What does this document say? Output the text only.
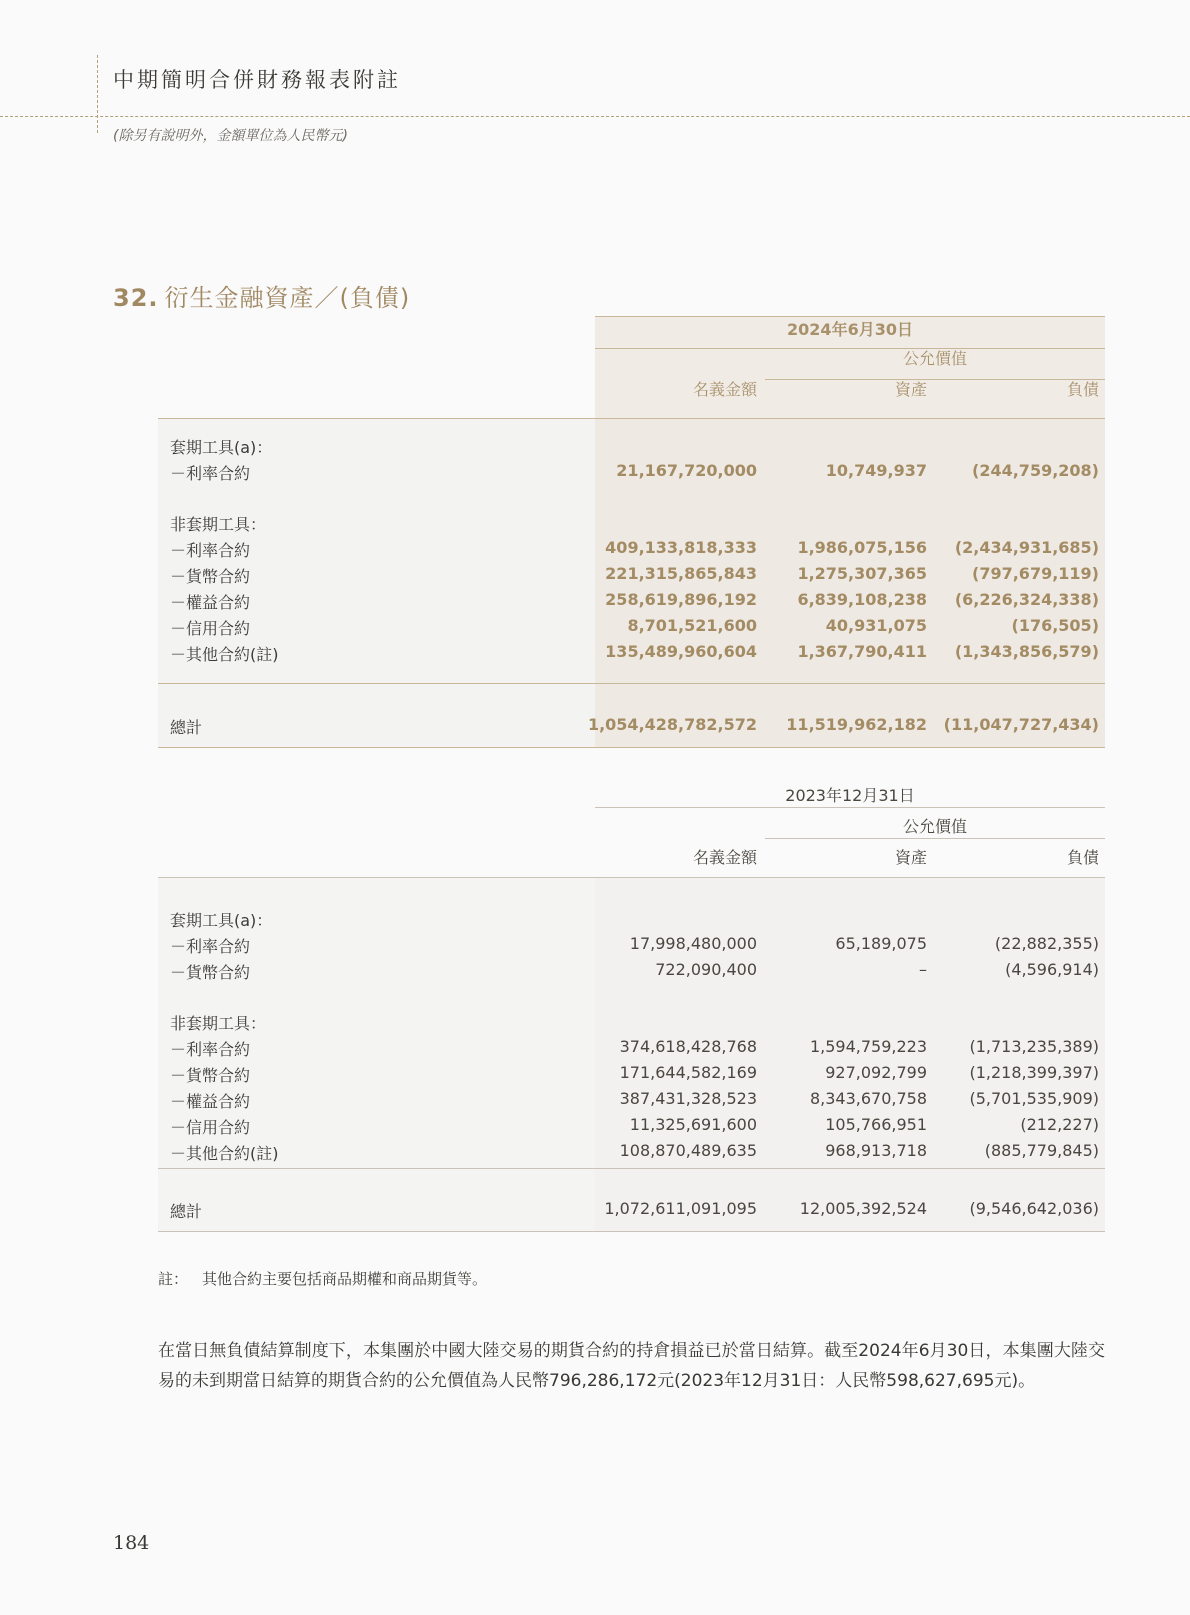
中期簡明合併財務報表附註
(除另有說明外，金額單位為人民幣元)
32. 衍生金融資產／(負債)
2024年6月30日
公允價值
名義金額	資產	負債
套期工具(a)：
－利率合約	21,167,720,000	10,749,937	(244,759,208)
非套期工具：
－利率合約	409,133,818,333	1,986,075,156 (2,434,931,685)
－貨幣合約	221,315,865,843	1,275,307,365	(797,679,119)
－權益合約	258,619,896,192	6,839,108,238 (6,226,324,338)
－信用合約	8,701,521,600	40,931,075	(176,505)
－其他合約(註)	135,489,960,604	1,367,790,411 (1,343,856,579)
總計	1,054,428,782,572 11,519,962,182 (11,047,727,434)
2023年12月31日
公允價值
名義金額	資產	負債
套期工具(a)：
－利率合約	17,998,480,000	65,189,075	(22,882,355)
－貨幣合約	722,090,400	–	(4,596,914)
非套期工具：
－利率合約	374,618,428,768	1,594,759,223	(1,713,235,389)
－貨幣合約	171,644,582,169	927,092,799	(1,218,399,397)
－權益合約	387,431,328,523	8,343,670,758	(5,701,535,909)
－信用合約	11,325,691,600	105,766,951	(212,227)
－其他合約(註)	108,870,489,635	968,913,718	(885,779,845)
總計	1,072,611,091,095	12,005,392,524	(9,546,642,036)
註： 其他合約主要包括商品期權和商品期貨等。
在當日無負債結算制度下，本集團於中國大陸交易的期貨合約的持倉損益已於當日結算。截至2024年6月30日，本集團大陸交易的未到期當日結算的期貨合約的公允價值為人民幣796,286,172元(2023年12月31日：人民幣598,627,695元)。
184
